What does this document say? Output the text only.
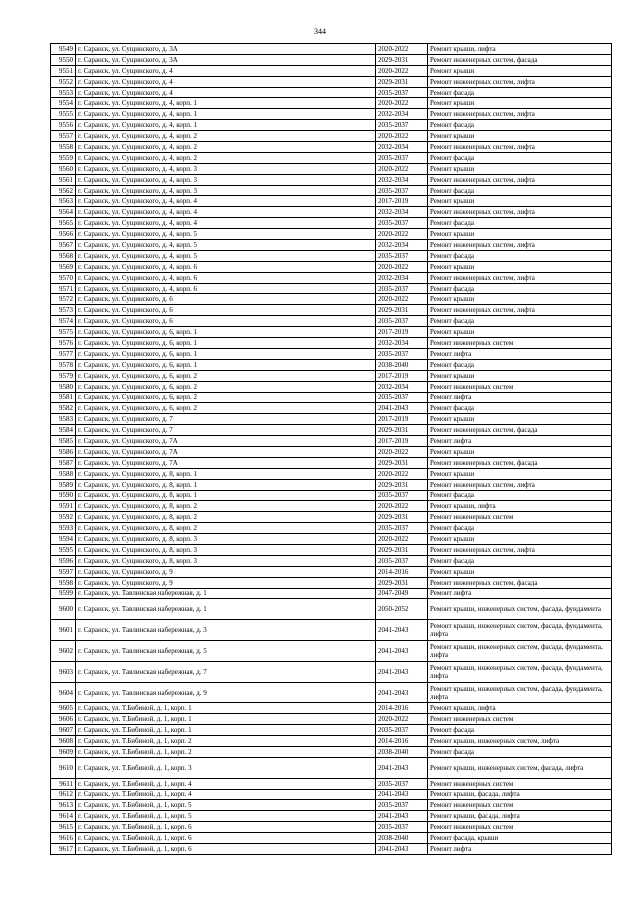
344
9549	г. Саранск, ул. Сущинского, д. 3А	2020-2022	Ремонт крыши, лифта
9550	г. Саранск, ул. Сущинского, д. 3А	2029-2031	Ремонт инженерных систем, фасада
9551	г. Саранск, ул. Сущинского, д. 4	2020-2022	Ремонт крыши
9552	г. Саранск, ул. Сущинского, д. 4	2029-2031	Ремонт инженерных систем, лифта
9553	г. Саранск, ул. Сущинского, д. 4	2035-2037	Ремонт фасада
9554	г. Саранск, ул. Сущинского, д. 4, корп. 1	2020-2022	Ремонт крыши
9555	г. Саранск, ул. Сущинского, д. 4, корп. 1	2032-2034	Ремонт инженерных систем, лифта
9556	г. Саранск, ул. Сущинского, д. 4, корп. 1	2035-2037	Ремонт фасада
9557	г. Саранск, ул. Сущинского, д. 4, корп. 2	2020-2022	Ремонт крыши
9558	г. Саранск, ул. Сущинского, д. 4, корп. 2	2032-2034	Ремонт инженерных систем, лифта
9559	г. Саранск, ул. Сущинского, д. 4, корп. 2	2035-2037	Ремонт фасада
9560	г. Саранск, ул. Сущинского, д. 4, корп. 3	2020-2022	Ремонт крыши
9561	г. Саранск, ул. Сущинского, д. 4, корп. 3	2032-2034	Ремонт инженерных систем, лифта
9562	г. Саранск, ул. Сущинского, д. 4, корп. 3	2035-2037	Ремонт фасада
9563	г. Саранск, ул. Сущинского, д. 4, корп. 4	2017-2019	Ремонт крыши
9564	г. Саранск, ул. Сущинского, д. 4, корп. 4	2032-2034	Ремонт инженерных систем, лифта
9565	г. Саранск, ул. Сущинского, д. 4, корп. 4	2035-2037	Ремонт фасада
9566	г. Саранск, ул. Сущинского, д. 4, корп. 5	2020-2022	Ремонт крыши
9567	г. Саранск, ул. Сущинского, д. 4, корп. 5	2032-2034	Ремонт инженерных систем, лифта
9568	г. Саранск, ул. Сущинского, д. 4, корп. 5	2035-2037	Ремонт фасада
9569	г. Саранск, ул. Сущинского, д. 4, корп. 6	2020-2022	Ремонт крыши
9570	г. Саранск, ул. Сущинского, д. 4, корп. 6	2032-2034	Ремонт инженерных систем, лифта
9571	г. Саранск, ул. Сущинского, д. 4, корп. 6	2035-2037	Ремонт фасада
9572	г. Саранск, ул. Сущинского, д. 6	2020-2022	Ремонт крыши
9573	г. Саранск, ул. Сущинского, д. 6	2029-2031	Ремонт инженерных систем, лифта
9574	г. Саранск, ул. Сущинского, д. 6	2035-2037	Ремонт фасада
9575	г. Саранск, ул. Сущинского, д. 6, корп. 1	2017-2019	Ремонт крыши
9576	г. Саранск, ул. Сущинского, д. 6, корп. 1	2032-2034	Ремонт инженерных систем
9577	г. Саранск, ул. Сущинского, д. 6, корп. 1	2035-2037	Ремонт лифта
9578	г. Саранск, ул. Сущинского, д. 6, корп. 1	2038-2040	Ремонт фасада
9579	г. Саранск, ул. Сущинского, д. 6, корп. 2	2017-2019	Ремонт крыши
9580	г. Саранск, ул. Сущинского, д. 6, корп. 2	2032-2034	Ремонт инженерных систем
9581	г. Саранск, ул. Сущинского, д. 6, корп. 2	2035-2037	Ремонт лифта
9582	г. Саранск, ул. Сущинского, д. 6, корп. 2	2041-2043	Ремонт фасада
9583	г. Саранск, ул. Сущинского, д. 7	2017-2019	Ремонт крыши
9584	г. Саранск, ул. Сущинского, д. 7	2029-2031	Ремонт инженерных систем, фасада
9585	г. Саранск, ул. Сущинского, д. 7А	2017-2019	Ремонт лифта
9586	г. Саранск, ул. Сущинского, д. 7А	2020-2022	Ремонт крыши
9587	г. Саранск, ул. Сущинского, д. 7А	2029-2031	Ремонт инженерных систем, фасада
9588	г. Саранск, ул. Сущинского, д. 8, корп. 1	2020-2022	Ремонт крыши
9589	г. Саранск, ул. Сущинского, д. 8, корп. 1	2029-2031	Ремонт инженерных систем, лифта
9590	г. Саранск, ул. Сущинского, д. 8, корп. 1	2035-2037	Ремонт фасада
9591	г. Саранск, ул. Сущинского, д. 8, корп. 2	2020-2022	Ремонт крыши, лифта
9592	г. Саранск, ул. Сущинского, д. 8, корп. 2	2029-2031	Ремонт инженерных систем
9593	г. Саранск, ул. Сущинского, д. 8, корп. 2	2035-2037	Ремонт фасада
9594	г. Саранск, ул. Сущинского, д. 8, корп. 3	2020-2022	Ремонт крыши
9595	г. Саранск, ул. Сущинского, д. 8, корп. 3	2029-2031	Ремонт инженерных систем, лифта
9596	г. Саранск, ул. Сущинского, д. 8, корп. 3	2035-2037	Ремонт фасада
9597	г. Саранск, ул. Сущинского, д. 9	2014-2016	Ремонт крыши
9598	г. Саранск, ул. Сущинского, д. 9	2029-2031	Ремонт инженерных систем, фасада
9599	г. Саранск, ул. Тавлинская набережная, д. 1	2047-2049	Ремонт лифта
9600	г. Саранск, ул. Тавлинская набережная, д. 1	2050-2052	Ремонт крыши, инженерных систем, фасада, фундамента
9601	г. Саранск, ул. Тавлинская набережная, д. 3	2041-2043	Ремонт крыши, инженерных систем, фасада, фундамента, лифта
9602	г. Саранск, ул. Тавлинская набережная, д. 5	2041-2043	Ремонт крыши, инженерных систем, фасада, фундамента, лифта
9603	г. Саранск, ул. Тавлинская набережная, д. 7	2041-2043	Ремонт крыши, инженерных систем, фасада, фундамента, лифта
9604	г. Саранск, ул. Тавлинская набережная, д. 9	2041-2043	Ремонт крыши, инженерных систем, фасада, фундамента, лифта
9605	г. Саранск, ул. Т.Бибиной, д. 1, корп. 1	2014-2016	Ремонт крыши, лифта
9606	г. Саранск, ул. Т.Бибиной, д. 1, корп. 1	2020-2022	Ремонт инженерных систем
9607	г. Саранск, ул. Т.Бибиной, д. 1, корп. 1	2035-2037	Ремонт фасада
9608	г. Саранск, ул. Т.Бибиной, д. 1, корп. 2	2014-2016	Ремонт крыши, инженерных систем, лифта
9609	г. Саранск, ул. Т.Бибиной, д. 1, корп. 2	2038-2040	Ремонт фасада
9610	г. Саранск, ул. Т.Бибиной, д. 1, корп. 3	2041-2043	Ремонт крыши, инженерных систем, фасада, лифта
9611	г. Саранск, ул. Т.Бибиной, д. 1, корп. 4	2035-2037	Ремонт инженерных систем
9612	г. Саранск, ул. Т.Бибиной, д. 1, корп. 4	2041-2043	Ремонт крыши, фасада, лифта
9613	г. Саранск, ул. Т.Бибиной, д. 1, корп. 5	2035-2037	Ремонт инженерных систем
9614	г. Саранск, ул. Т.Бибиной, д. 1, корп. 5	2041-2043	Ремонт крыши, фасада, лифта
9615	г. Саранск, ул. Т.Бибиной, д. 1, корп. 6	2035-2037	Ремонт инженерных систем
9616	г. Саранск, ул. Т.Бибиной, д. 1, корп. 6	2038-2040	Ремонт фасада, крыши
9617	г. Саранск, ул. Т.Бибиной, д. 1, корп. 6	2041-2043	Ремонт лифта
